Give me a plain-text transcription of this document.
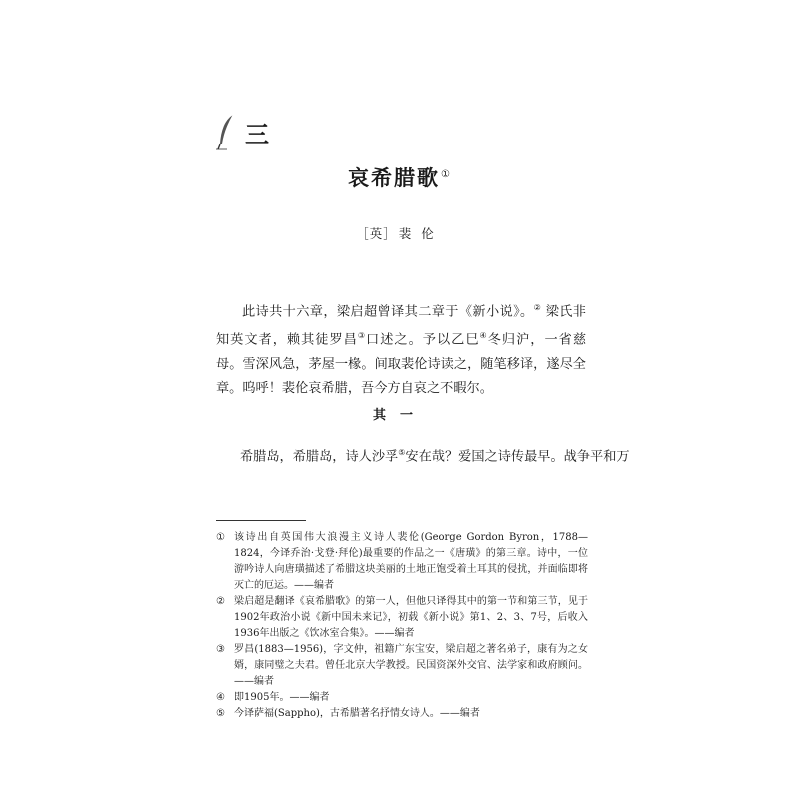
三
哀希腊歌①
［英］ 裴伦

此诗共十六章，梁启超曾译其二章于《新小说》。② 梁氏非知英文者，赖其徒罗昌③口述之。予以乙巳④冬归沪，一省慈母。雪深风急，茅屋一椽。间取裴伦诗读之，随笔移译，遂尽全章。呜呼！裴伦哀希腊，吾今方自哀之不暇尔。

其一

希腊岛，希腊岛，诗人沙孚⑤安在哉？爱国之诗传最早。战争平和万

① 该诗出自英国伟大浪漫主义诗人裴伦(George Gordon Byron，1788—1824，今译乔治·戈登·拜伦)最重要的作品之一《唐璜》的第三章。诗中，一位游吟诗人向唐璜描述了希腊这块美丽的土地正饱受着土耳其的侵扰，并面临即将灭亡的厄运。——编者
② 梁启超是翻译《哀希腊歌》的第一人，但他只译得其中的第一节和第三节，见于1902年政治小说《新中国未来记》，初载《新小说》第1、2、3、7号，后收入1936年出版之《饮冰室合集》。——编者
③ 罗昌(1883—1956)，字文仲，祖籍广东宝安，梁启超之著名弟子，康有为之女婿，康同璧之夫君。曾任北京大学教授。民国资深外交官、法学家和政府顾问。——编者
④ 即1905年。——编者
⑤ 今译萨福(Sappho)，古希腊著名抒情女诗人。——编者
